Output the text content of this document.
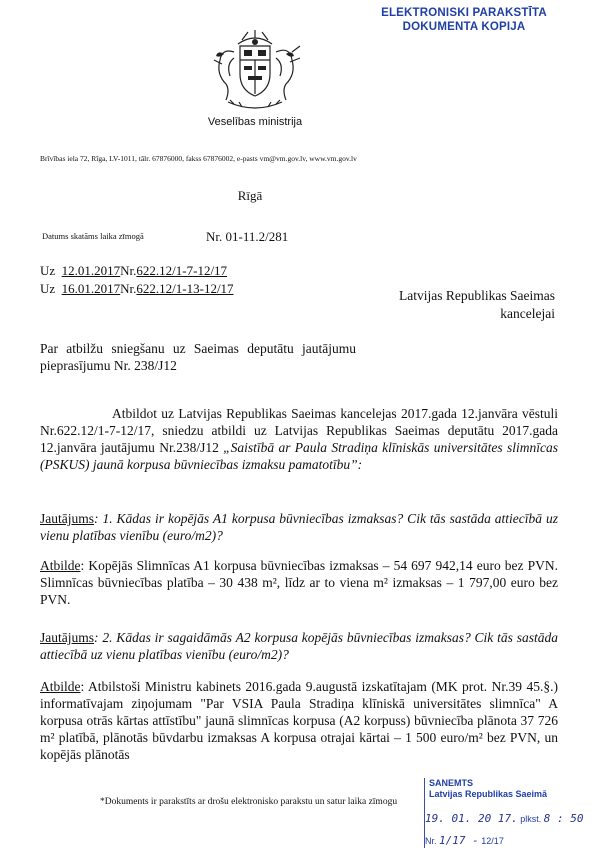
ELEKTRONISKI PARAKSTĪTA
DOKUMENTA KOPIJA
Veselības ministrija
Brīvības iela 72, Rīga, LV-1011, tālr. 67876000, fakss 67876002, e-pasts vm@vm.gov.lv, www.vm.gov.lv
Rīgā
Datums skatāms laika zīmogā	Nr. 01-11.2/281
Uz 12.01.2017Nr.622.12/1-7-12/17
Uz 16.01.2017Nr.622.12/1-13-12/17	Latvijas Republikas Saeimas
kancelejai
Par atbilžu sniegšanu uz Saeimas deputātu jautājumu pieprasījumu Nr. 238/J12
Atbildot uz Latvijas Republikas Saeimas kancelejas 2017.gada 12.janvāra vēstuli Nr.622.12/1-7-12/17, sniedzu atbildi uz Latvijas Republikas Saeimas deputātu 2017.gada 12.janvāra jautājumu Nr.238/J12 „Saistībā ar Paula Stradiņa klīniskās universitātes slimnīcas (PSKUS) jaunā korpusa būvniecības izmaksu pamatotību”:
Jautājums: 1. Kādas ir kopējās A1 korpusa būvniecības izmaksas? Cik tās sastāda attiecībā uz vienu platības vienību (euro/m2)?
Atbilde: Kopējās Slimnīcas A1 korpusa būvniecības izmaksas – 54 697 942,14 euro bez PVN. Slimnīcas būvniecības platība – 30 438 m², līdz ar to viena m² izmaksas – 1 797,00 euro bez PVN.
Jautājums: 2. Kādas ir sagaidāmās A2 korpusa kopējās būvniecības izmaksas? Cik tās sastāda attiecībā uz vienu platības vienību (euro/m2)?
Atbilde: Atbilstoši Ministru kabinets 2016.gada 9.augustā izskatītajam (MK prot. Nr.39 45.§.) informatīvajam ziņojumam "Par VSIA Paula Stradiņa klīniskā universitātes slimnīca" A korpusa otrās kārtas attīstību" jaunā slimnīcas korpusa (A2 korpuss) būvniecība plānota 37 726 m² platībā, plānotās būvdarbu izmaksas A korpusa otrajai kārtai – 1 500 euro/m² bez PVN, un kopējās plānotās
*Dokuments ir parakstīts ar drošu elektronisko parakstu un satur laika zīmogu
SANEMTS
Latvijas Republikas Saeimā
19. 01. 20 17. plkst. 8 : 50
Nr. 1/17 - 12/17
